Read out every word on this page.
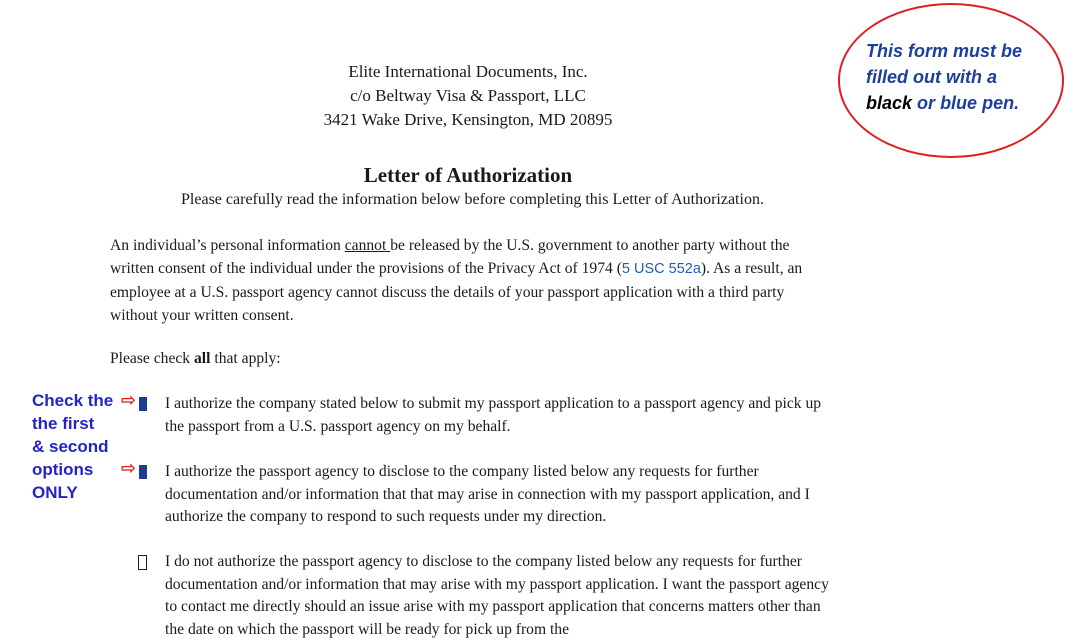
Elite International Documents, Inc.
c/o Beltway Visa & Passport, LLC
3421 Wake Drive, Kensington, MD 20895
This form must be
filled out with a
black or blue pen.
Letter of Authorization
Please carefully read the information below before completing this Letter of Authorization.
An individual’s personal information cannot be released by the U.S. government to another party without the written consent of the individual under the provisions of the Privacy Act of 1974 (5 USC 552a). As a result, an employee at a U.S. passport agency cannot discuss the details of your passport application with a third party without your written consent.
Please check all that apply:
Check the
the first
& second
options
ONLY
⇨ I authorize the company stated below to submit my passport application to a passport agency and pick up the passport from a U.S. passport agency on my behalf.
⇨ I authorize the passport agency to disclose to the company listed below any requests for further documentation and/or information that that may arise in connection with my passport application, and I authorize the company to respond to such requests under my direction.
I do not authorize the passport agency to disclose to the company listed below any requests for further documentation and/or information that may arise with my passport application. I want the passport agency to contact me directly should an issue arise with my passport application that concerns matters other than the date on which the passport will be ready for pick up from the
